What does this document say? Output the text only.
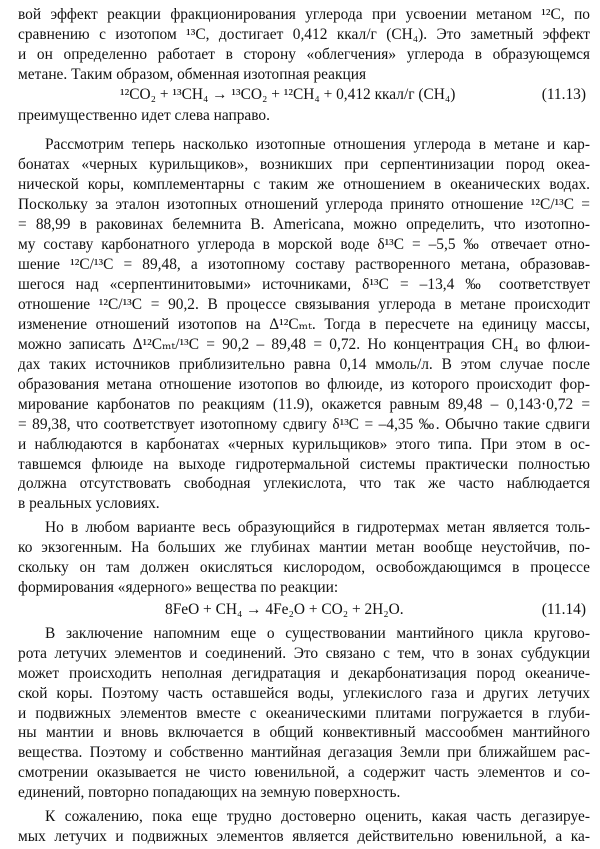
вой эффект реакции фракционирования углерода при усвоении метаном ¹²C, по
сравнению с изотопом ¹³C, достигает 0,412 ккал/г (CH₄). Это заметный эффект
и он определенно работает в сторону «облегчения» углерода в образующемся
метане. Таким образом, обменная изотопная реакция
¹²CO₂ + ¹³CH₄ → ¹³CO₂ + ¹²CH₄ + 0,412 ккал/г (CH₄)	(11.13)
преимущественно идет слева направо.
Рассмотрим теперь насколько изотопные отношения углерода в метане и кар-
бонатах «черных курильщиков», возникших при серпентинизации пород океа-
нической коры, комплементарны с таким же отношением в океанических водах.
Поскольку за эталон изотопных отношений углерода принято отношение ¹²C/¹³C =
= 88,99 в раковинах белемнита B. Americana, можно определить, что изотопно-
му составу карбонатного углерода в морской воде δ¹³C = –5,5 ‰ отвечает отно-
шение ¹²C/¹³C = 89,48, а изотопному составу растворенного метана, образовав-
шегося над «серпентинитовыми» источниками, δ¹³C = –13,4 ‰ соответствует
отношение ¹²C/¹³C = 90,2. В процессе связывания углерода в метане происходит
изменение отношений изотопов на Δ¹²Cₘₜ. Тогда в пересчете на единицу массы,
можно записать Δ¹²Cₘₜ/¹³C = 90,2 – 89,48 = 0,72. Но концентрация CH₄ во флюи-
дах таких источников приблизительно равна 0,14 ммоль/л. В этом случае после
образования метана отношение изотопов во флюиде, из которого происходит фор-
мирование карбонатов по реакциям (11.9), окажется равным 89,48 – 0,143·0,72 =
= 89,38, что соответствует изотопному сдвигу δ¹³C = –4,35 ‰. Обычно такие сдвиги
и наблюдаются в карбонатах «черных курильщиков» этого типа. При этом в ос-
тавшемся флюиде на выходе гидротермальной системы практически полностью
должна отсутствовать свободная углекислота, что так же часто наблюдается
в реальных условиях.
Но в любом варианте весь образующийся в гидротермах метан является толь-
ко экзогенным. На больших же глубинах мантии метан вообще неустойчив, по-
скольку он там должен окисляться кислородом, освобождающимся в процессе
формирования «ядерного» вещества по реакции:
8FeO + CH₄ → 4Fe₂O + CO₂ + 2H₂O.	(11.14)
В заключение напомним еще о существовании мантийного цикла кругово-
рота летучих элементов и соединений. Это связано с тем, что в зонах субдукции
может происходить неполная дегидратация и декарбонатизация пород океаниче-
ской коры. Поэтому часть оставшейся воды, углекислого газа и других летучих
и подвижных элементов вместе с океаническими плитами погружается в глуби-
ны мантии и вновь включается в общий конвективный массообмен мантийного
вещества. Поэтому и собственно мантийная дегазация Земли при ближайшем рас-
смотрении оказывается не чисто ювенильной, а содержит часть элементов и со-
единений, повторно попадающих на земную поверхность.
К сожалению, пока еще трудно достоверно оценить, какая часть дегазируе-
мых летучих и подвижных элементов является действительно ювенильной, а ка-
